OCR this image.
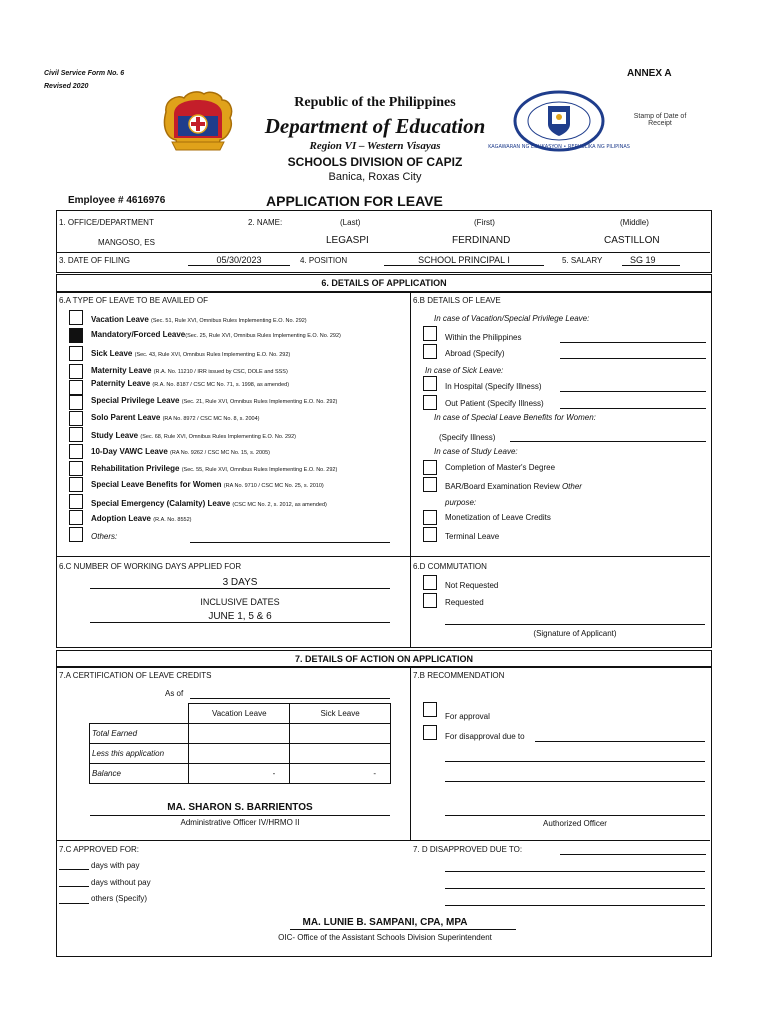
Civil Service Form No. 6
Revised 2020
ANNEX A
KAGAWARAN NG EDUKASYON • REPUBLIKA NG PILIPINAS
Stamp of Date of Receipt
Republic of the Philippines
Department of Education
Region VI – Western Visayas
SCHOOLS DIVISION OF CAPIZ
Banica, Roxas City
Employee # 4616976	APPLICATION FOR LEAVE
1. OFFICE/DEPARTMENT
MANGOSO, ES
2. NAME:	(Last)	(First)	(Middle)
LEGASPI	FERDINAND	CASTILLON
3. DATE OF FILING	05/30/2023	4. POSITION	SCHOOL PRINCIPAL I	5. SALARY	SG 19
6. DETAILS OF APPLICATION
6.A TYPE OF LEAVE TO BE AVAILED OF
Vacation Leave (Sec. 51, Rule XVI, Omnibus Rules Implementing E.O. No. 292)
Mandatory/Forced Leave(Sec. 25, Rule XVI, Omnibus Rules Implementing E.O. No. 292)
Sick Leave (Sec. 43, Rule XVI, Omnibus Rules Implementing E.O. No. 292)
Maternity Leave (R.A. No. 11210 / IRR issued by CSC, DOLE and SSS)
Paternity Leave (R.A. No. 8187 / CSC MC No. 71, s. 1998, as amended)
Special Privilege Leave (Sec. 21, Rule XVI, Omnibus Rules Implementing E.O. No. 292)
Solo Parent Leave (RA No. 8972 / CSC MC No. 8, s. 2004)
Study Leave (Sec. 68, Rule XVI, Omnibus Rules Implementing E.O. No. 292)
10-Day VAWC Leave (RA No. 9262 / CSC MC No. 15, s. 2005)
Rehabilitation Privilege (Sec. 55, Rule XVI, Omnibus Rules Implementing E.O. No. 292)
Special Leave Benefits for Women (RA No. 9710 / CSC MC No. 25, s. 2010)
Special Emergency (Calamity) Leave (CSC MC No. 2, s. 2012, as amended)
Adoption Leave (R.A. No. 8552)
Others:
6.B DETAILS OF LEAVE
In case of Vacation/Special Privilege Leave:
Within the Philippines
Abroad (Specify)
In case of Sick Leave:
In Hospital (Specify Illness)
Out Patient (Specify Illness)
In case of Special Leave Benefits for Women:
(Specify Illness)
In case of Study Leave:
Completion of Master's Degree
BAR/Board Examination Review Other
purpose:
Monetization of Leave Credits
Terminal Leave
6.C NUMBER OF WORKING DAYS APPLIED FOR
3 DAYS
INCLUSIVE DATES
JUNE 1, 5 & 6
6.D COMMUTATION
Not Requested
Requested
(Signature of Applicant)
7. DETAILS OF ACTION ON APPLICATION
7.A CERTIFICATION OF LEAVE CREDITS
As of
	Vacation Leave	Sick Leave
Total Earned		
Less this application		
Balance	-	-
MA. SHARON S. BARRIENTOS
Administrative Officer IV/HRMO II
7.B RECOMMENDATION
For approval
For disapproval due to
Authorized Officer
7.C APPROVED FOR:
days with pay
days without pay
others (Specify)
7. D DISAPPROVED DUE TO:
MA. LUNIE B. SAMPANI, CPA, MPA
OIC- Office of the Assistant Schools Division Superintendent
